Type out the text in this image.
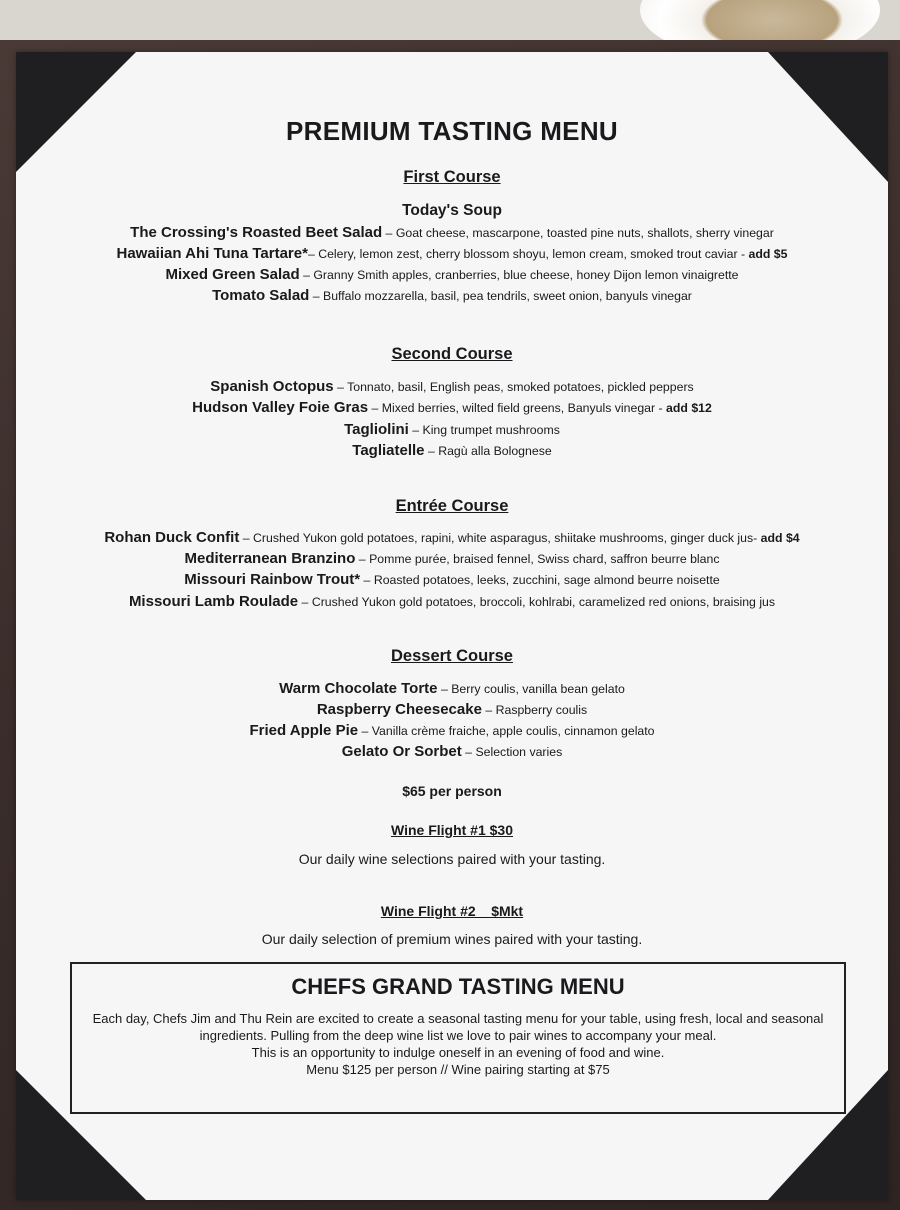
PREMIUM TASTING MENU
First Course
Today's Soup
The Crossing's Roasted Beet Salad – Goat cheese, mascarpone, toasted pine nuts, shallots, sherry vinegar
Hawaiian Ahi Tuna Tartare*– Celery, lemon zest, cherry blossom shoyu, lemon cream, smoked trout caviar - add $5
Mixed Green Salad – Granny Smith apples, cranberries, blue cheese, honey Dijon lemon vinaigrette
Tomato Salad – Buffalo mozzarella, basil, pea tendrils, sweet onion, banyuls vinegar
Second Course
Spanish Octopus – Tonnato, basil, English peas, smoked potatoes, pickled peppers
Hudson Valley Foie Gras – Mixed berries, wilted field greens, Banyuls vinegar - add $12
Tagliolini – King trumpet mushrooms
Tagliatelle – Ragù alla Bolognese
Entrée Course
Rohan Duck Confit – Crushed Yukon gold potatoes, rapini, white asparagus, shiitake mushrooms, ginger duck jus- add $4
Mediterranean Branzino – Pomme purée, braised fennel, Swiss chard, saffron beurre blanc
Missouri Rainbow Trout* – Roasted potatoes, leeks, zucchini, sage almond beurre noisette
Missouri Lamb Roulade – Crushed Yukon gold potatoes, broccoli, kohlrabi, caramelized red onions, braising jus
Dessert Course
Warm Chocolate Torte – Berry coulis, vanilla bean gelato
Raspberry Cheesecake – Raspberry coulis
Fried Apple Pie – Vanilla crème fraiche, apple coulis, cinnamon gelato
Gelato Or Sorbet – Selection varies
$65 per person
Wine Flight #1 $30
Our daily wine selections paired with your tasting.
Wine Flight #2    $Mkt
Our daily selection of premium wines paired with your tasting.
CHEFS GRAND TASTING MENU
Each day, Chefs Jim and Thu Rein are excited to create a seasonal tasting menu for your table, using fresh, local and seasonal
ingredients. Pulling from the deep wine list we love to pair wines to accompany your meal.
This is an opportunity to indulge oneself in an evening of food and wine.
Menu $125 per person // Wine pairing starting at $75
